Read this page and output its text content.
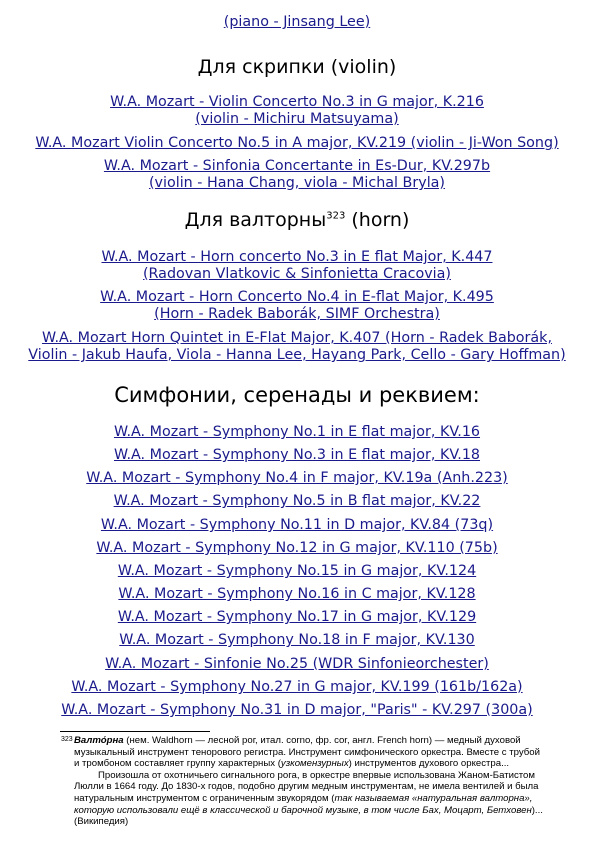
(piano - Jinsang Lee)
Для скрипки (violin)
W.A. Mozart - Violin Concerto No.3 in G major, K.216
(violin - Michiru Matsuyama)
W.A. Mozart Violin Concerto No.5 in A major, KV.219 (violin - Ji-Won Song)
W.A. Mozart - Sinfonia Concertante in Es-Dur, KV.297b
(violin - Hana Chang, viola - Michal Bryla)
Для валторны$^{323}$ (horn)
W.A. Mozart - Horn concerto No.3 in E flat Major, K.447
(Radovan Vlatkovic & Sinfonietta Cracovia)
W.A. Mozart - Horn Concerto No.4 in E-flat Major, K.495
(Horn - Radek Baborák, SIMF Orchestra)
W.A. Mozart Horn Quintet in E-Flat Major, K.407 (Horn - Radek Baborák,
Violin - Jakub Haufa, Viola - Hanna Lee, Hayang Park, Cello - Gary Hoffman)
Симфонии, серенады и реквием:
W.A. Mozart - Symphony No.1 in E flat major, KV.16
W.A. Mozart - Symphony No.3 in E flat major, KV.18
W.A. Mozart - Symphony No.4 in F major, KV.19a (Anh.223)
W.A. Mozart - Symphony No.5 in B flat major, KV.22
W.A. Mozart - Symphony No.11 in D major, KV.84 (73q)
W.A. Mozart - Symphony No.12 in G major, KV.110 (75b)
W.A. Mozart - Symphony No.15 in G major, KV.124
W.A. Mozart - Symphony No.16 in C major, KV.128
W.A. Mozart - Symphony No.17 in G major, KV.129
W.A. Mozart - Symphony No.18 in F major, KV.130
W.A. Mozart - Sinfonie No.25 (WDR Sinfonieorchester)
W.A. Mozart - Symphony No.27 in G major, KV.199 (161b/162a)
W.A. Mozart - Symphony No.31 in D major, "Paris" - KV.297 (300a)
323 Валто́рна (нем. Waldhorn — лесной рог, итал. corno, фр. cor, англ. French horn) — медный духовой музыкальный инструмент тенорового регистра. Инструмент симфонического оркестра. Вместе с трубой и тромбоном составляет группу характерных (узкомензурных) инструментов духового оркестра...

Произошла от охотничьего сигнального рога, в оркестре впервые использована Жаном-Батистом Люлли в 1664 году. До 1830-х годов, подобно другим медным инструментам, не имела вентилей и была натуральным инструментом с ограниченным звукорядом (так называемая «натуральная валторна», которую использовали ещё в классической и барочной музыке, в том числе Бах, Моцарт, Бетховен)... (Википедия)
